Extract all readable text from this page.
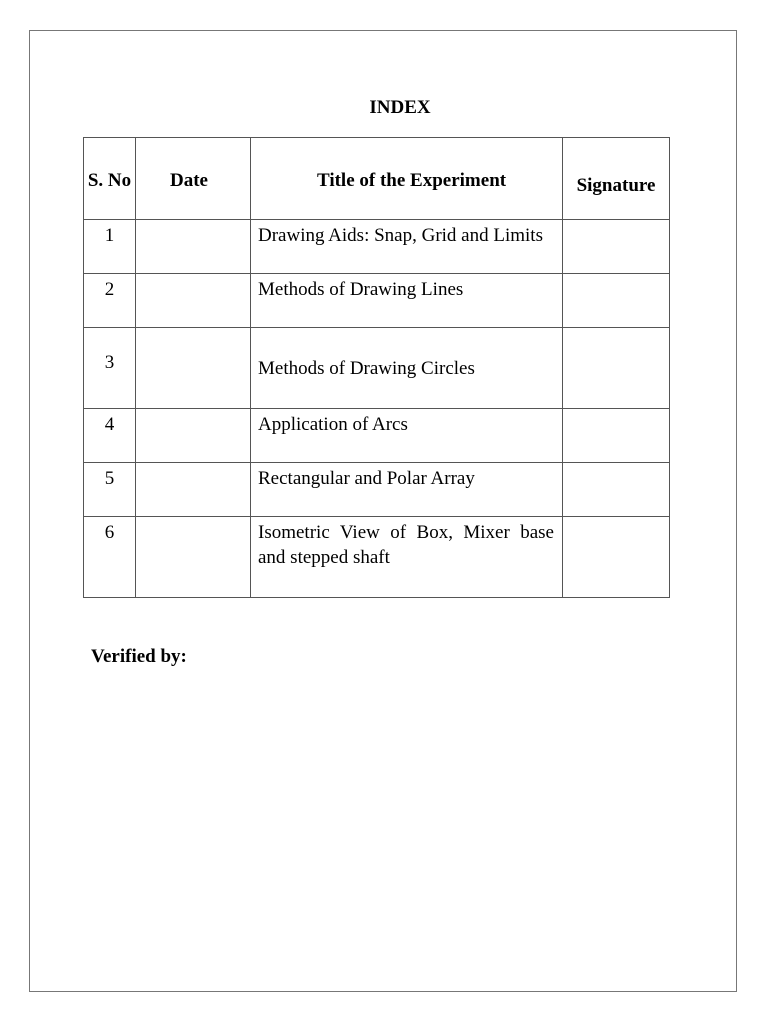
INDEX
S. No	Date	Title of the Experiment	Signature
1		Drawing Aids: Snap, Grid and Limits	
2		Methods of Drawing Lines	
3		Methods of Drawing Circles	
4		Application of Arcs	
5		Rectangular and Polar Array	
6		Isometric View of Box, Mixer base and stepped shaft	
Verified by:
